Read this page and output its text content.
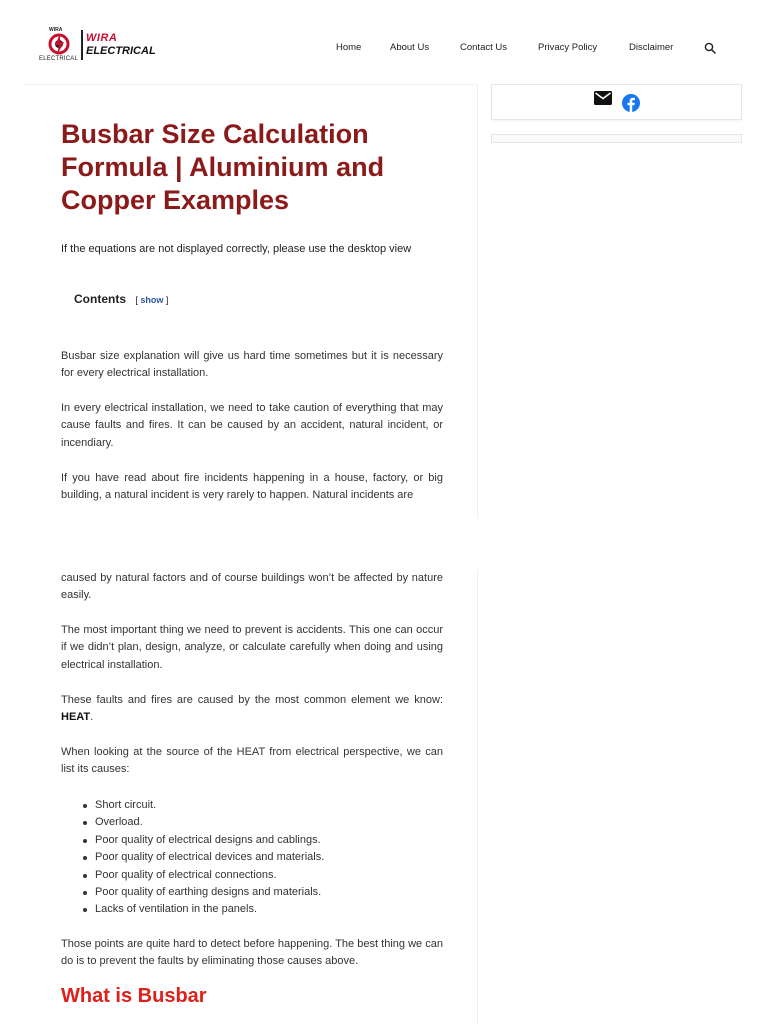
WIRA
ELECTRICAL
WIRA
ELECTRICAL	Home	About Us	Contact Us	Privacy Policy	Disclaimer
Busbar Size Calculation Formula | Aluminium and Copper Examples

If the equations are not displayed correctly, please use the desktop view

Contents [ show ]

Busbar size explanation will give us hard time sometimes but it is necessary for every electrical installation.

In every electrical installation, we need to take caution of everything that may cause faults and fires. It can be caused by an accident, natural incident, or incendiary.

If you have read about fire incidents happening in a house, factory, or big building, a natural incident is very rarely to happen. Natural incidents are

caused by natural factors and of course buildings won’t be affected by nature easily.

The most important thing we need to prevent is accidents. This one can occur if we didn’t plan, design, analyze, or calculate carefully when doing and using electrical installation.

These faults and fires are caused by the most common element we know: HEAT.

When looking at the source of the HEAT from electrical perspective, we can list its causes:

Short circuit.
Overload.
Poor quality of electrical designs and cablings.
Poor quality of electrical devices and materials.
Poor quality of electrical connections.
Poor quality of earthing designs and materials.
Lacks of ventilation in the panels.

Those points are quite hard to detect before happening. The best thing we can do is to prevent the faults by eliminating those causes above.

What is Busbar
